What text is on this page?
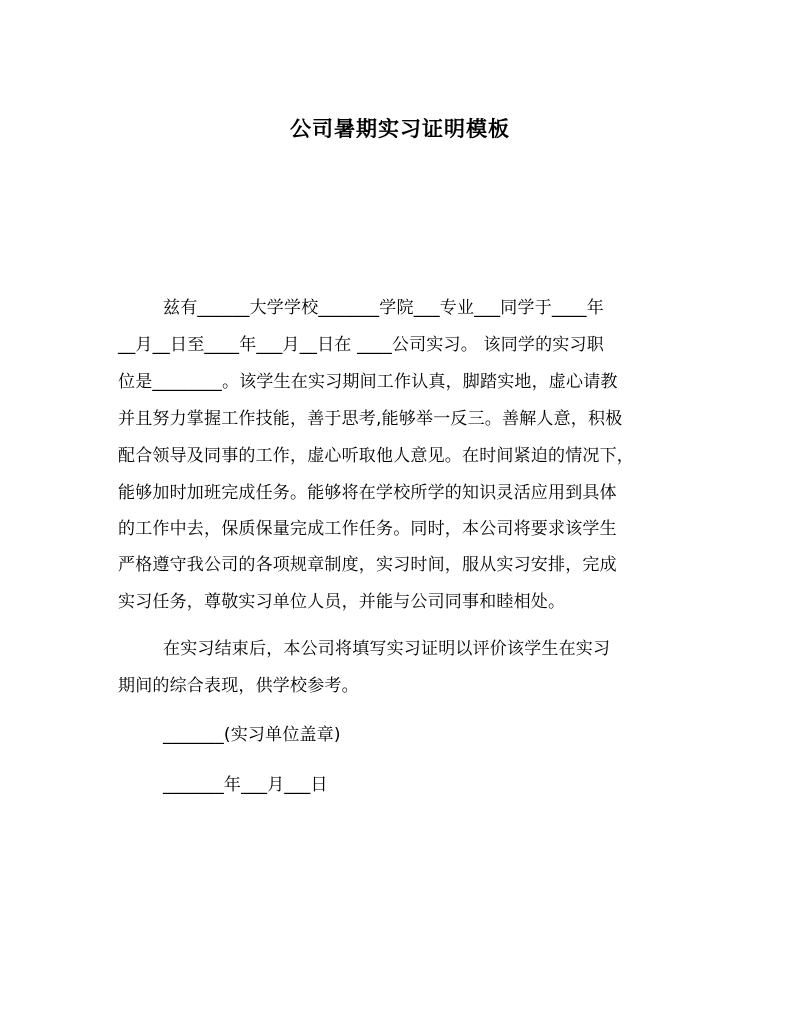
公司暑期实习证明模板
兹有______大学学校_______学院___专业___同学于____年
__月__日至____年___月__日在 ____公司实习。 该同学的实习职
位是________。该学生在实习期间工作认真，脚踏实地，虚心请教
并且努力掌握工作技能，善于思考,能够举一反三。善解人意，积极
配合领导及同事的工作，虚心听取他人意见。在时间紧迫的情况下，
能够加时加班完成任务。能够将在学校所学的知识灵活应用到具体
的工作中去，保质保量完成工作任务。同时，本公司将要求该学生
严格遵守我公司的各项规章制度，实习时间，服从实习安排，完成
实习任务，尊敬实习单位人员，并能与公司同事和睦相处。
在实习结束后，本公司将填写实习证明以评价该学生在实习
期间的综合表现，供学校参考。
_______(实习单位盖章)
_______年___月___日
